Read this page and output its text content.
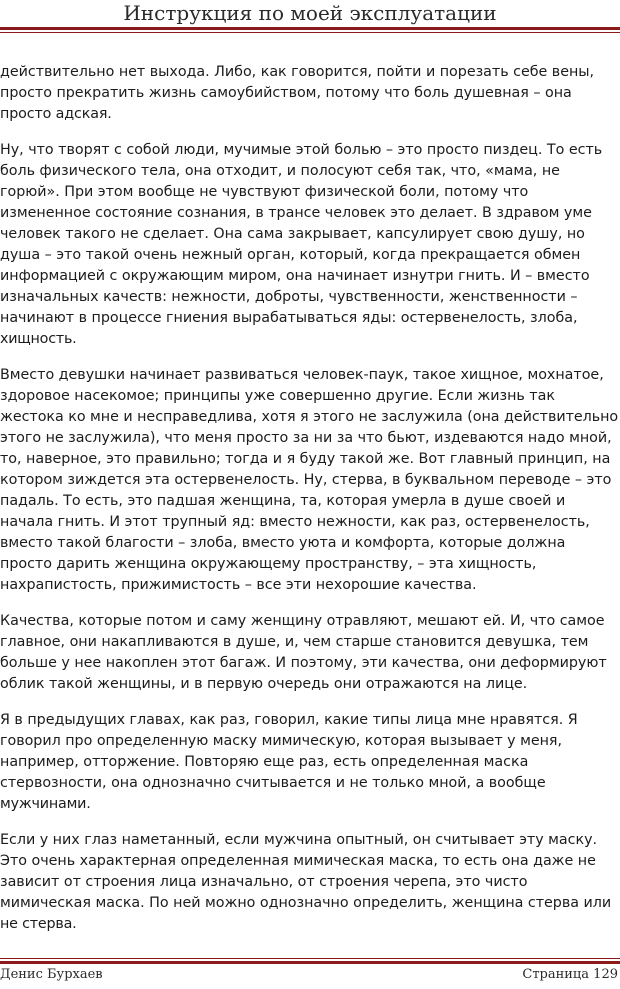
Инструкция по моей эксплуатации

действительно нет выхода. Либо, как говорится, пойти и порезать себе вены,
просто прекратить жизнь самоубийством, потому что боль душевная – она
просто адская.

Ну, что творят с собой люди, мучимые этой болью – это просто пиздец. То есть
боль физического тела, она отходит, и полосуют себя так, что, «мама, не
горюй». При этом вообще не чувствуют физической боли, потому что
измененное состояние сознания, в трансе человек это делает. В здравом уме
человек такого не сделает. Она сама закрывает, капсулирует свою душу, но
душа – это такой очень нежный орган, который, когда прекращается обмен
информацией с окружающим миром, она начинает изнутри гнить. И – вместо
изначальных качеств: нежности, доброты, чувственности, женственности –
начинают в процессе гниения вырабатываться яды: остервенелость, злоба,
хищность.

Вместо девушки начинает развиваться человек-паук, такое хищное, мохнатое,
здоровое насекомое; принципы уже совершенно другие. Если жизнь так
жестока ко мне и несправедлива, хотя я этого не заслужила (она действительно
этого не заслужила), что меня просто за ни за что бьют, издеваются надо мной,
то, наверное, это правильно; тогда и я буду такой же. Вот главный принцип, на
котором зиждется эта остервенелость. Ну, стерва, в буквальном переводе – это
падаль. То есть, это падшая женщина, та, которая умерла в душе своей и
начала гнить. И этот трупный яд: вместо нежности, как раз, остервенелость,
вместо такой благости – злоба, вместо уюта и комфорта, которые должна
просто дарить женщина окружающему пространству, – эта хищность,
нахрапистость, прижимистость – все эти нехорошие качества.

Качества, которые потом и саму женщину отравляют, мешают ей. И, что самое
главное, они накапливаются в душе, и, чем старше становится девушка, тем
больше у нее накоплен этот багаж. И поэтому, эти качества, они деформируют
облик такой женщины, и в первую очередь они отражаются на лице.

Я в предыдущих главах, как раз, говорил, какие типы лица мне нравятся. Я
говорил про определенную маску мимическую, которая вызывает у меня,
например, отторжение. Повторяю еще раз, есть определенная маска
стервозности, она однозначно считывается и не только мной, а вообще
мужчинами.

Если у них глаз наметанный, если мужчина опытный, он считывает эту маску.
Это очень характерная определенная мимическая маска, то есть она даже не
зависит от строения лица изначально, от строения черепа, это чисто
мимическая маска. По ней можно однозначно определить, женщина стерва или
не стерва.

Денис Бурхаев	Страница 129
